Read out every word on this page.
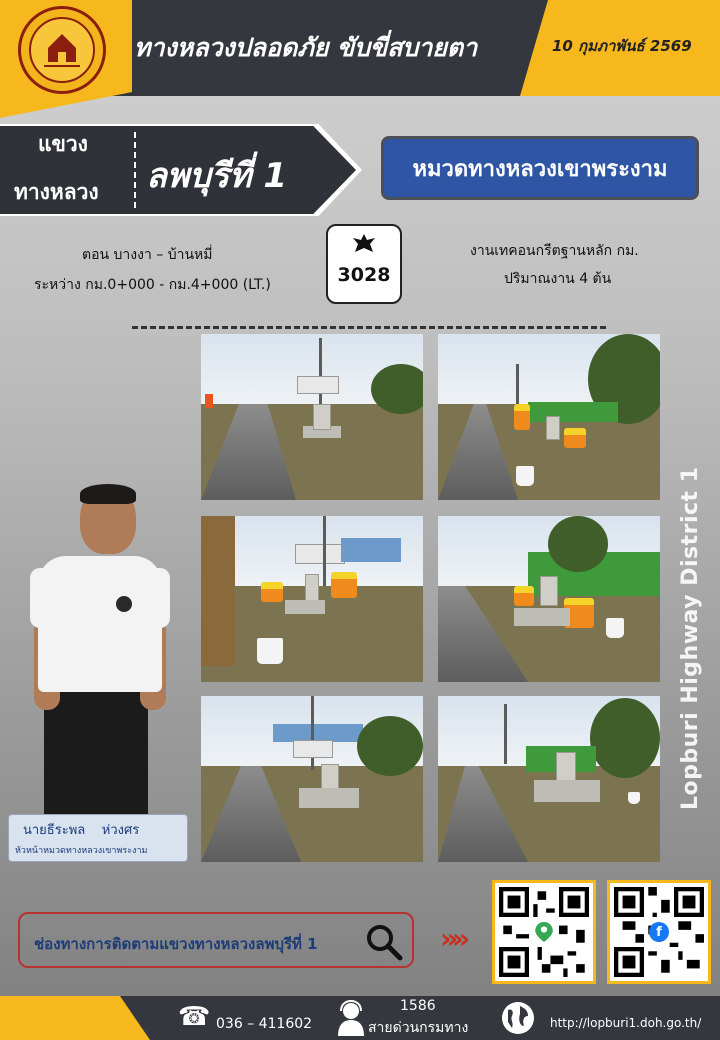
ทางหลวงปลอดภัย ขับขี่สบายตา	10 กุมภาพันธ์ 2569
แขวง
ทางหลวง ลพบุรีที่ 1	หมวดทางหลวงเขาพระงาม
ตอน บางงา – บ้านหมี่
ระหว่าง กม.0+000 - กม.4+000 (LT.)	3028
งานเทคอนกรีตฐานหลัก กม.
ปริมาณงาน 4 ต้น
นายธีระพล    ห่วงศร
หัวหน้าหมวดทางหลวงเขาพระงาม
Lopburi Highway District 1
ช่องทางการติดตามแขวงทางหลวงลพบุรีที่ 1	»»	f
☎ 036 – 411602
1586
สายด่วนกรมทาง	http://lopburi1.doh.go.th/
